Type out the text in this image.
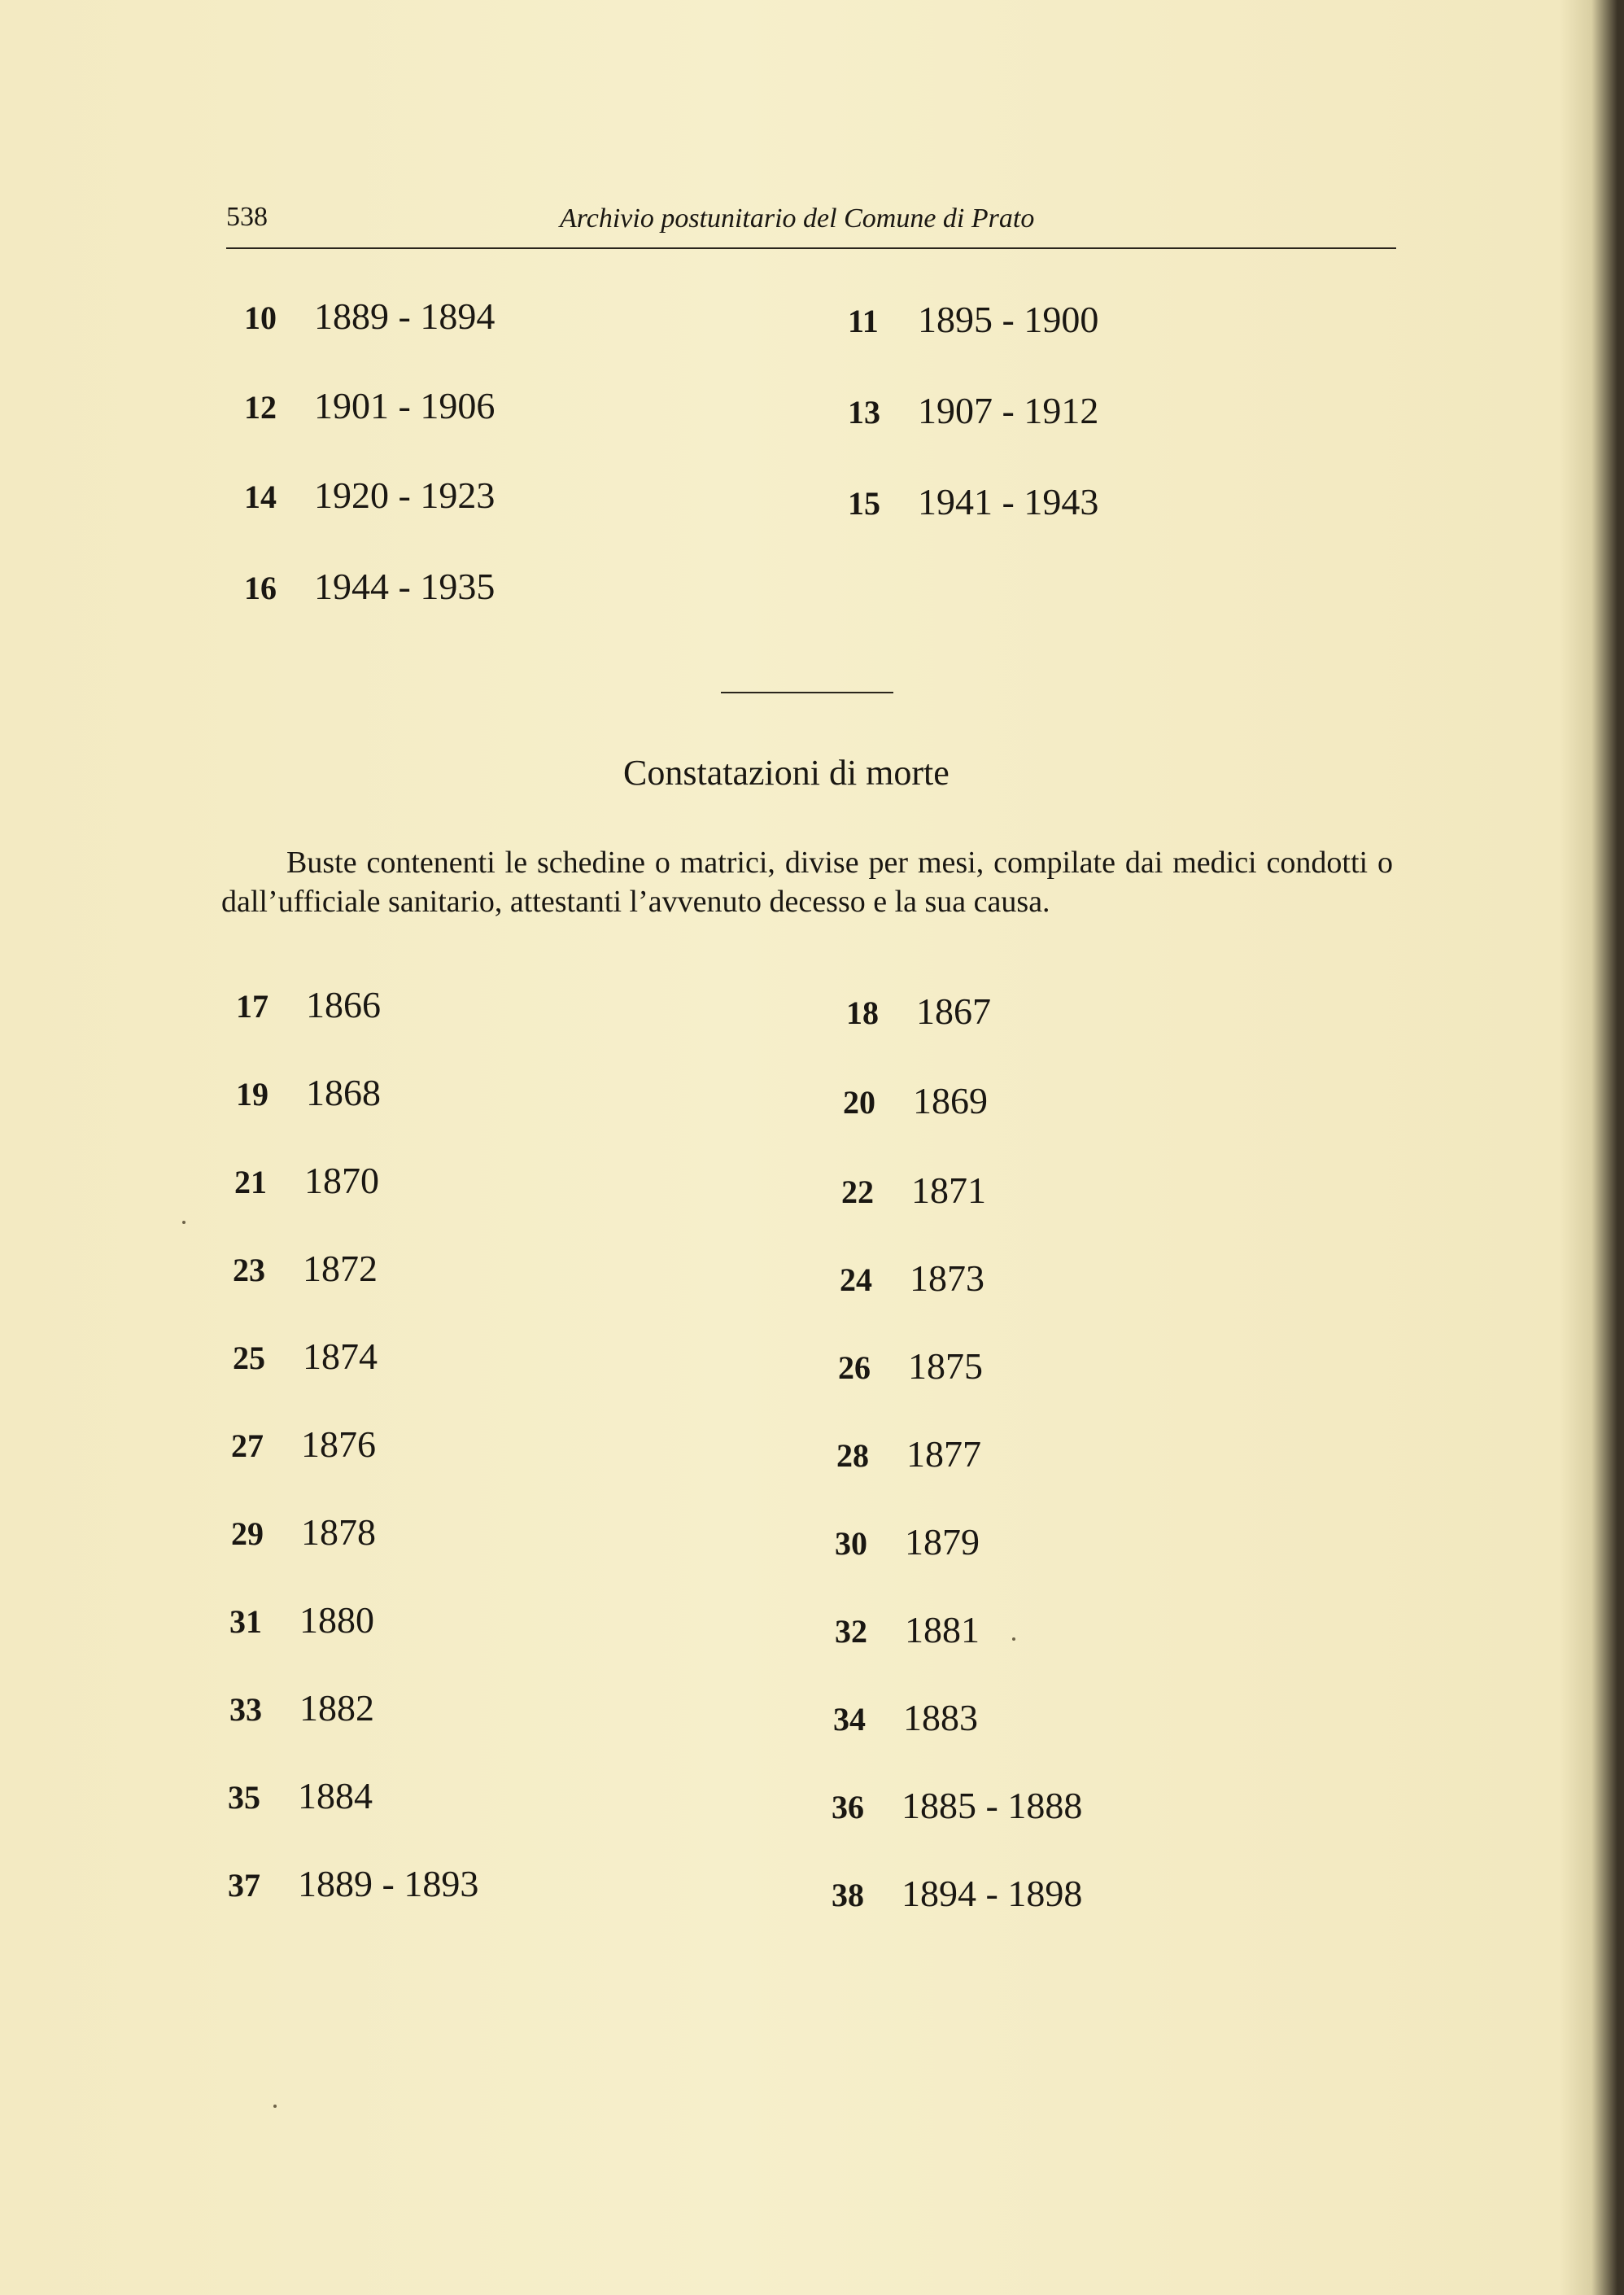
538	Archivio postunitario del Comune di Prato
10 1889 - 1894
12 1901 - 1906
14 1920 - 1923
16 1944 - 1935
11 1895 - 1900
13 1907 - 1912
15 1941 - 1943
Constatazioni di morte
Buste contenenti le schedine o matrici, divise per mesi, compilate dai medici condotti o dall’ufficiale sanitario, attestanti l’avvenuto decesso e la sua causa.
17 1866
19 1868
21 1870
23 1872
25 1874
27 1876
29 1878
31 1880
33 1882
35 1884
37 1889 - 1893
18 1867
20 1869
22 1871
24 1873
26 1875
28 1877
30 1879
32 1881
34 1883
36 1885 - 1888
38 1894 - 1898
